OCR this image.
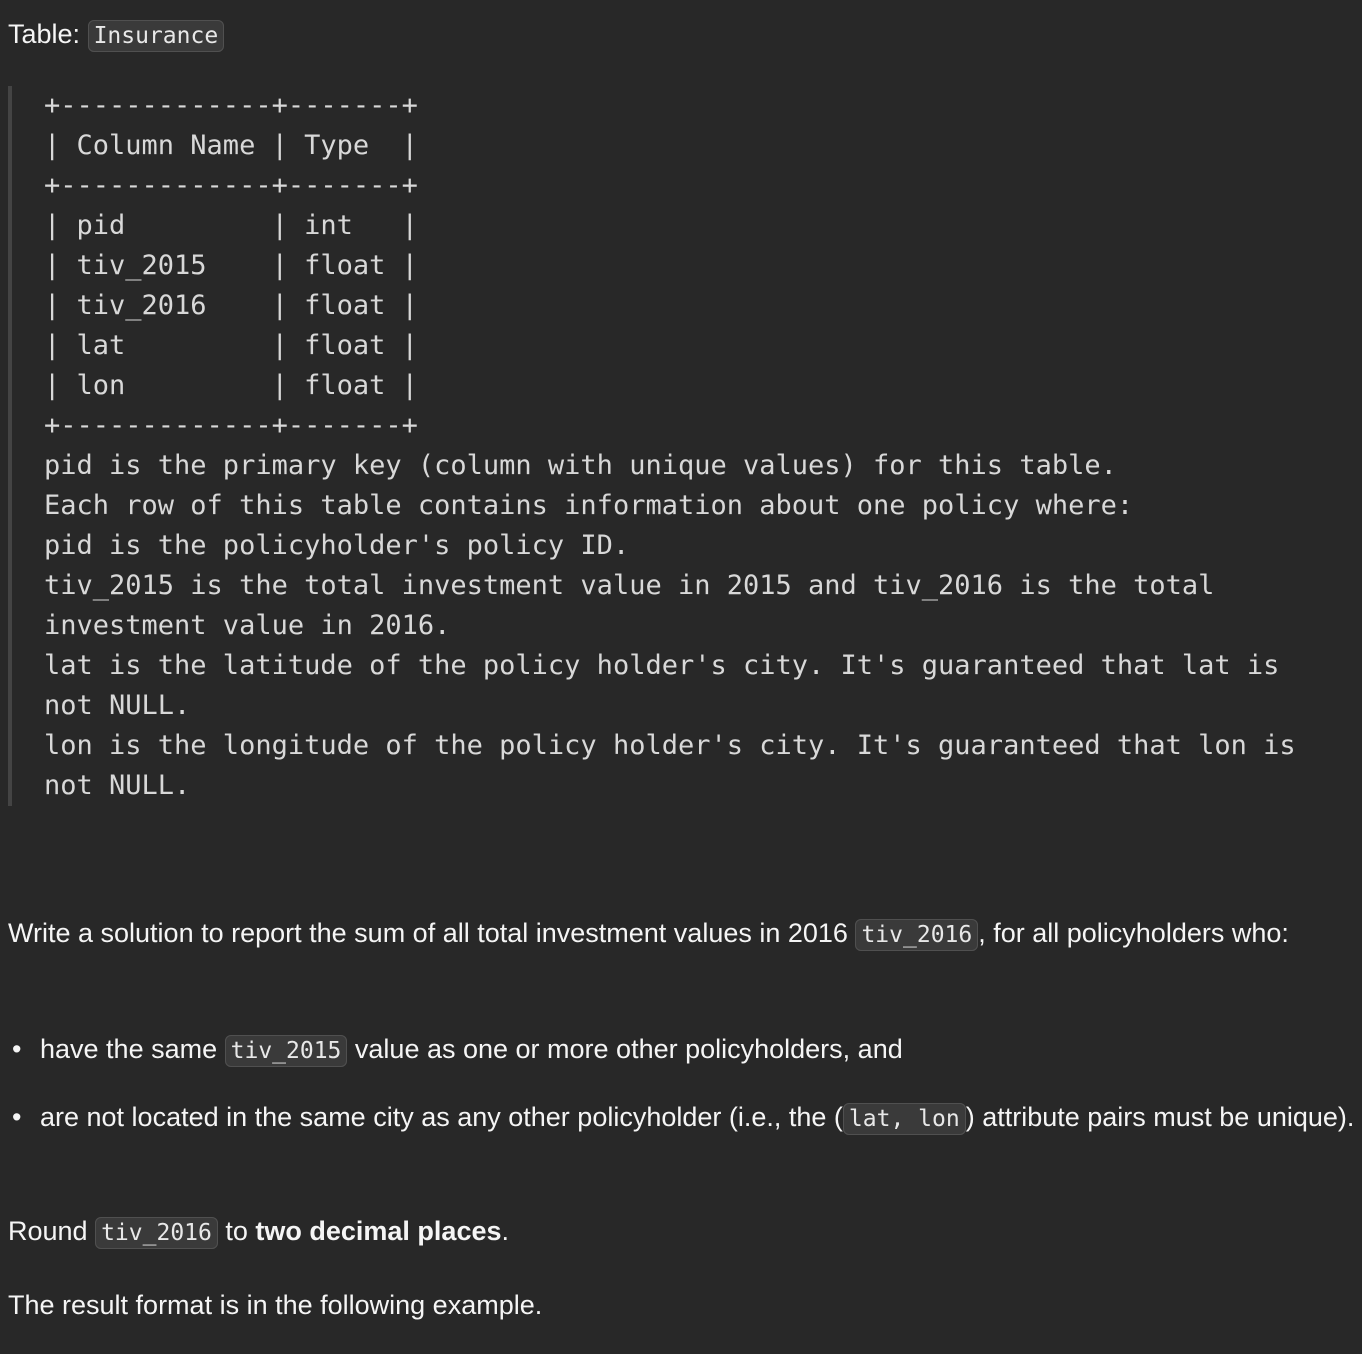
Table: Insurance
+-------------+-------+
| Column Name | Type  |
+-------------+-------+
| pid         | int   |
| tiv_2015    | float |
| tiv_2016    | float |
| lat         | float |
| lon         | float |
+-------------+-------+
pid is the primary key (column with unique values) for this table.
Each row of this table contains information about one policy where:
pid is the policyholder's policy ID.
tiv_2015 is the total investment value in 2015 and tiv_2016 is the total
investment value in 2016.
lat is the latitude of the policy holder's city. It's guaranteed that lat is
not NULL.
lon is the longitude of the policy holder's city. It's guaranteed that lon is
not NULL.

Write a solution to report the sum of all total investment values in 2016 tiv_2016 , for all policyholders who:

• have the same tiv_2015 value as one or more other policyholders, and
• are not located in the same city as any other policyholder (i.e., the ( lat, lon ) attribute pairs must be unique).
Round tiv_2016 to two decimal places.
The result format is in the following example.
